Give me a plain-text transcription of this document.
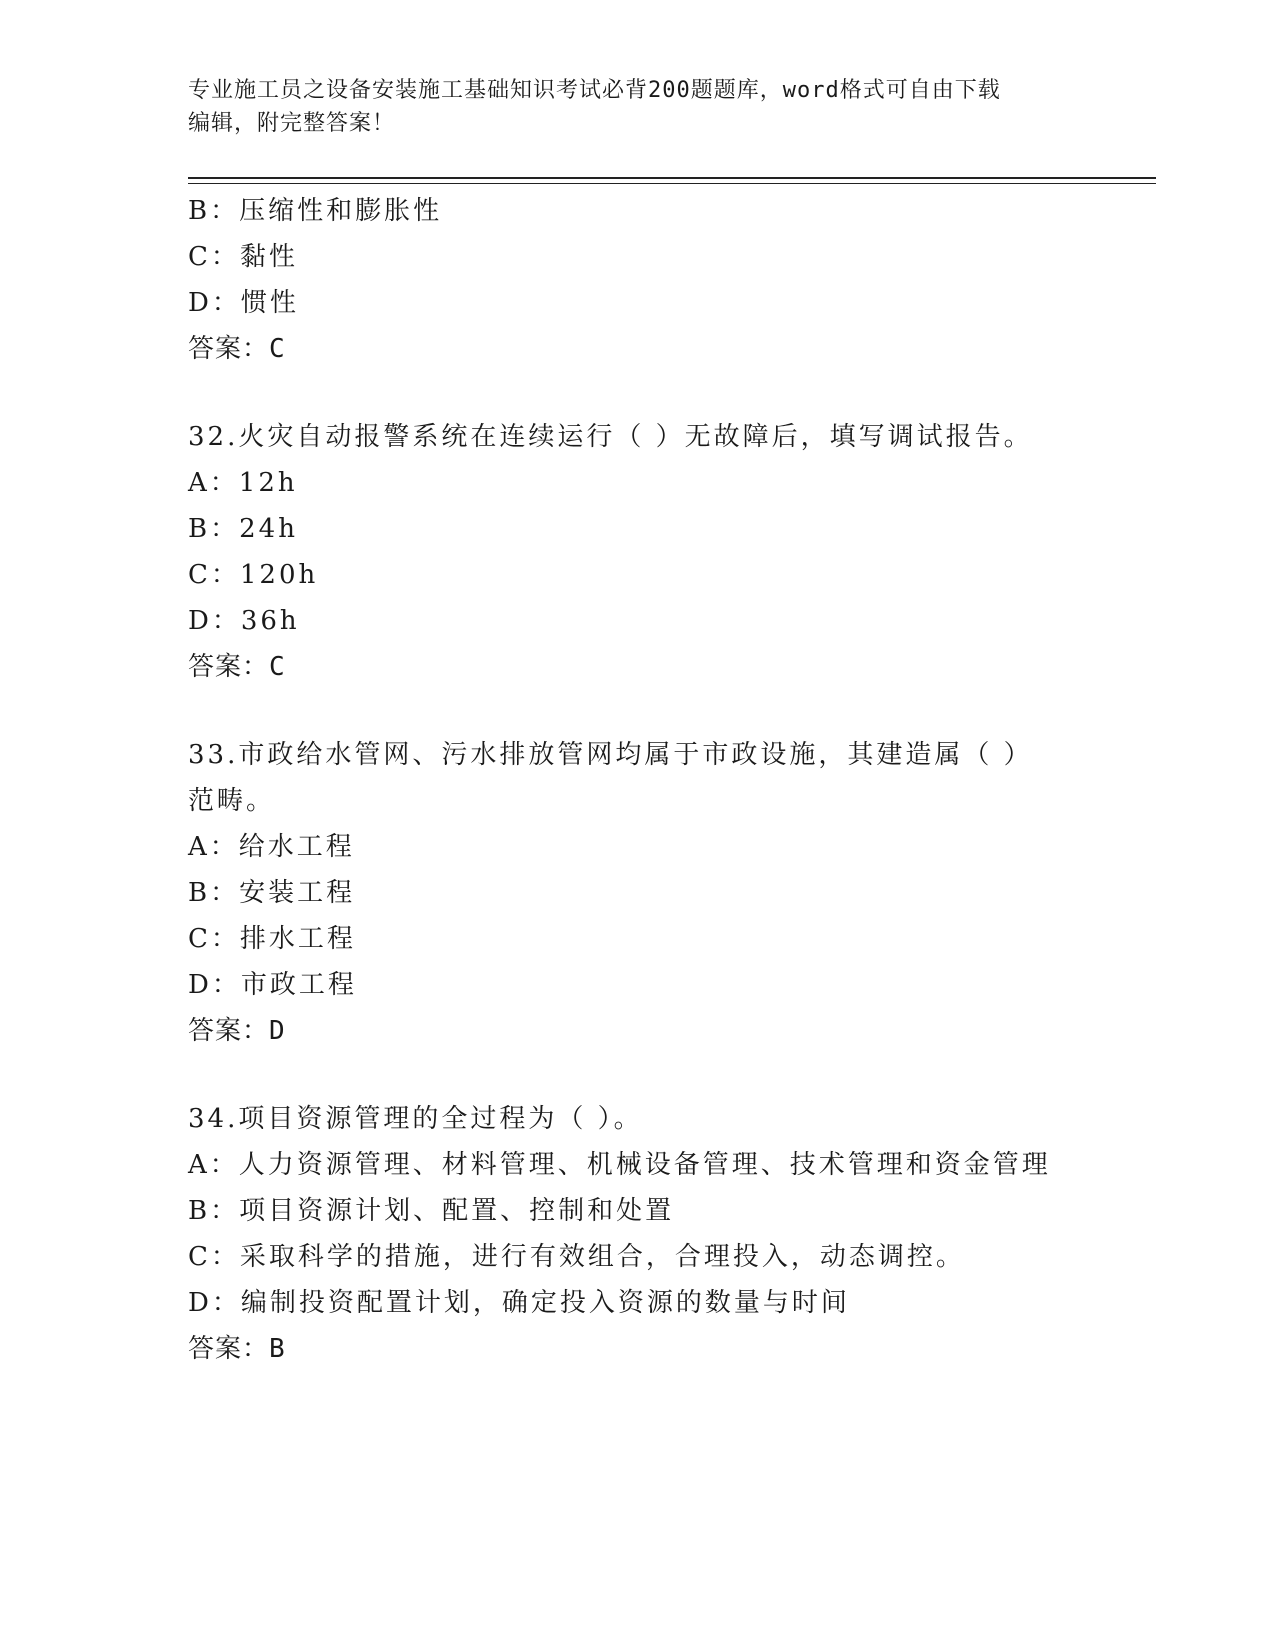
专业施工员之设备安装施工基础知识考试必背200题题库，word格式可自由下载
编辑，附完整答案！
B：压缩性和膨胀性
C：黏性
D：惯性
答案：C
32.火灾自动报警系统在连续运行（ ）无故障后，填写调试报告。
A：12h
B：24h
C：120h
D：36h
答案：C
33.市政给水管网、污水排放管网均属于市政设施，其建造属（ ）范畴。
A：给水工程
B：安装工程
C：排水工程
D：市政工程
答案：D
34.项目资源管理的全过程为（ ）。
A：人力资源管理、材料管理、机械设备管理、技术管理和资金管理
B：项目资源计划、配置、控制和处置
C：采取科学的措施，进行有效组合，合理投入，动态调控。
D：编制投资配置计划，确定投入资源的数量与时间
答案：B
